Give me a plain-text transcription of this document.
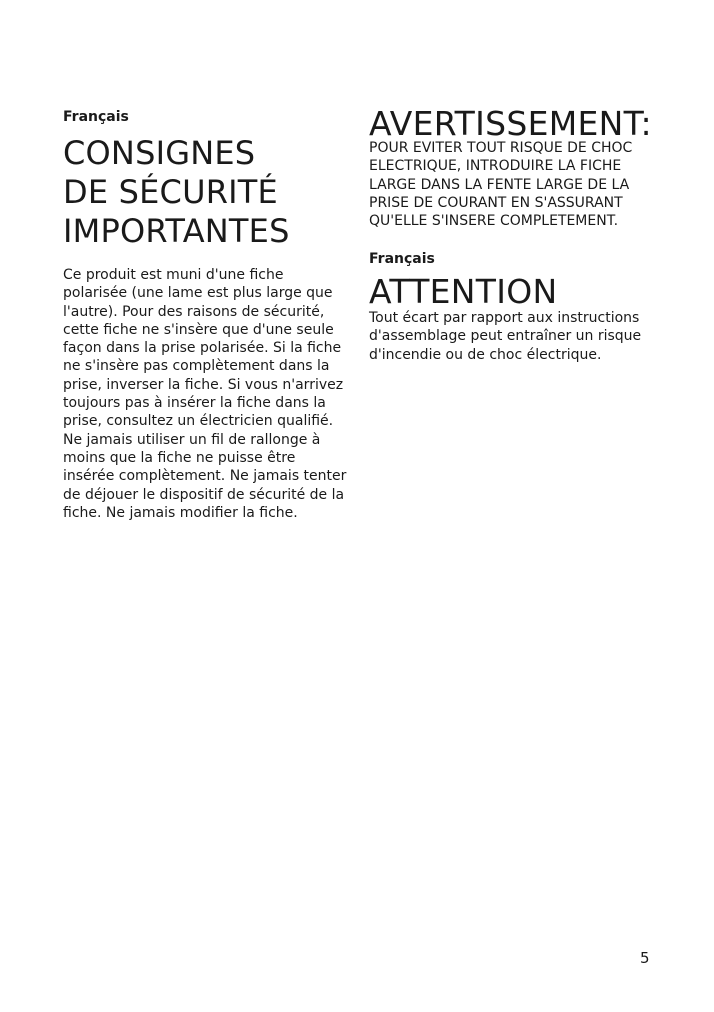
Français

CONSIGNES
DE SÉCURITÉ
IMPORTANTES

Ce produit est muni d'une fiche polarisée (une lame est plus large que l'autre). Pour des raisons de sécurité, cette fiche ne s'insère que d'une seule façon dans la prise polarisée. Si la fiche ne s'insère pas complètement dans la prise, inverser la fiche. Si vous n'arrivez toujours pas à insérer la fiche dans la prise, consultez un électricien qualifié. Ne jamais utiliser un fil de rallonge à moins que la fiche ne puisse être insérée complètement. Ne jamais tenter de déjouer le dispositif de sécurité de la fiche. Ne jamais modifier la fiche.

AVERTISSEMENT:

POUR EVITER TOUT RISQUE DE CHOC ELECTRIQUE, INTRODUIRE LA FICHE LARGE DANS LA FENTE LARGE DE LA PRISE DE COURANT EN S'ASSURANT QU'ELLE S'INSERE COMPLETEMENT.

Français

ATTENTION

Tout écart par rapport aux instructions d'assemblage peut entraîner un risque d'incendie ou de choc électrique.

5
